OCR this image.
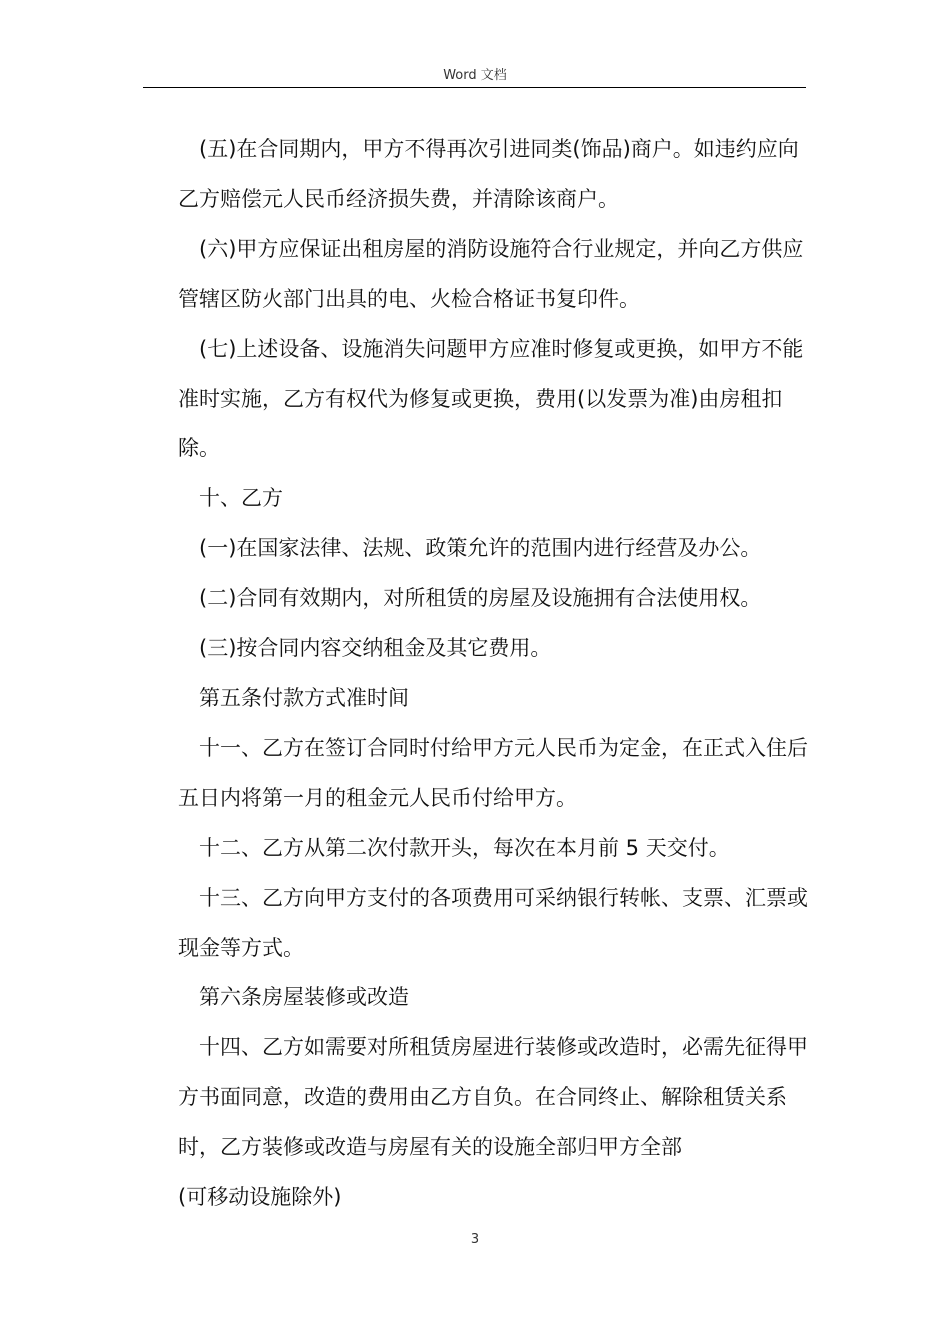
Word 文档

(五)在合同期内，甲方不得再次引进同类(饰品)商户。如违约应向乙方赔偿元人民币经济损失费，并清除该商户。

(六)甲方应保证出租房屋的消防设施符合行业规定，并向乙方供应管辖区防火部门出具的电、火检合格证书复印件。

(七)上述设备、设施消失问题甲方应准时修复或更换，如甲方不能准时实施，乙方有权代为修复或更换，费用(以发票为准)由房租扣除。

十、乙方

(一)在国家法律、法规、政策允许的范围内进行经营及办公。

(二)合同有效期内，对所租赁的房屋及设施拥有合法使用权。

(三)按合同内容交纳租金及其它费用。

第五条付款方式准时间

十一、乙方在签订合同时付给甲方元人民币为定金，在正式入住后五日内将第一月的租金元人民币付给甲方。

十二、乙方从第二次付款开头，每次在本月前 5 天交付。

十三、乙方向甲方支付的各项费用可采纳银行转帐、支票、汇票或现金等方式。

第六条房屋装修或改造

十四、乙方如需要对所租赁房屋进行装修或改造时，必需先征得甲方书面同意，改造的费用由乙方自负。在合同终止、解除租赁关系时，乙方装修或改造与房屋有关的设施全部归甲方全部

(可移动设施除外)

3
